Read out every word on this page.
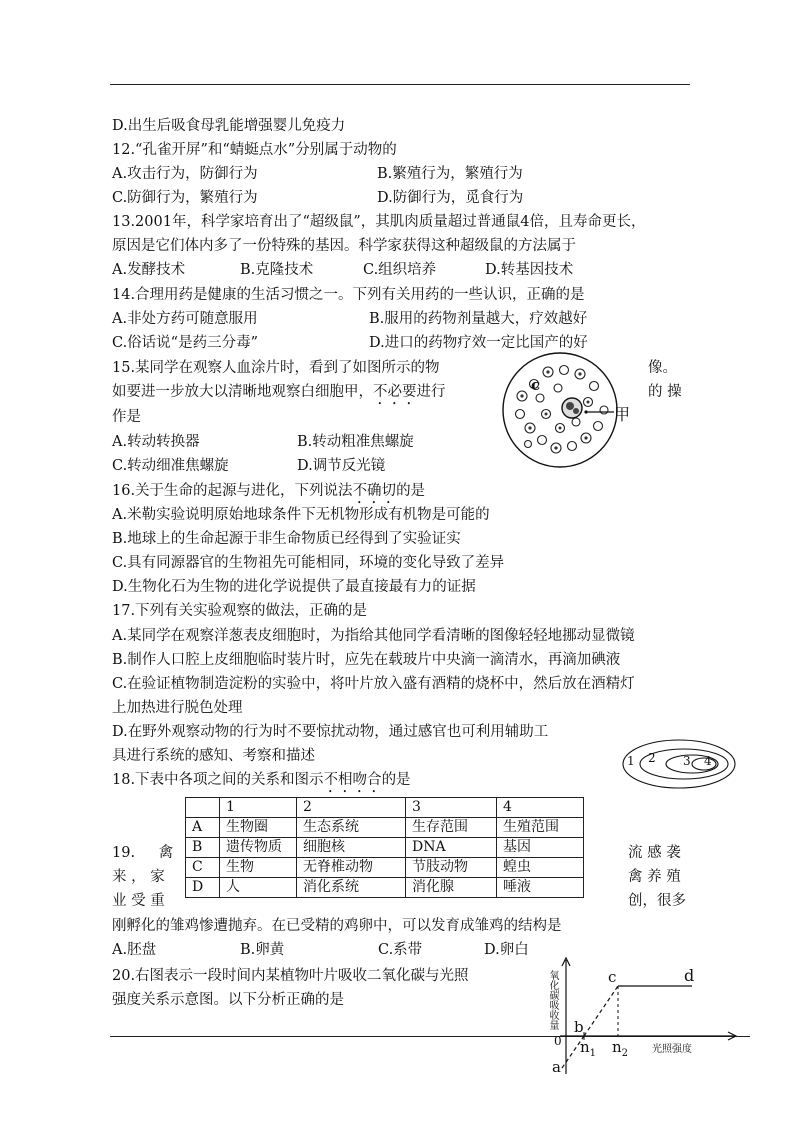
D.出生后吸食母乳能增强婴儿免疫力
12.“孔雀开屏”和“蜻蜓点水”分别属于动物的
A.攻击行为，防御行为	B.繁殖行为，繁殖行为
C.防御行为，繁殖行为	D.防御行为，觅食行为
13.2001年，科学家培育出了“超级鼠”，其肌肉质量超过普通鼠4倍，且寿命更长，
原因是它们体内多了一份特殊的基因。科学家获得这种超级鼠的方法属于
A.发酵技术	B.克隆技术	C.组织培养	D.转基因技术
14.合理用药是健康的生活习惯之一。下列有关用药的一些认识，正确的是
A.非处方药可随意服用	B.服用的药物剂量越大，疗效越好
C.俗话说“是药三分毒”	D.进口的药物疗效一定比国产的好
15.某同学在观察人血涂片时，看到了如图所示的物	像。
如要进一步放大以清晰地观察白细胞甲，不必要进行	的 操
作是
A.转动转换器	B.转动粗准焦螺旋
C.转动细准焦螺旋	D.调节反光镜
c
甲
16.关于生命的起源与进化，下列说法不确切的是
A.米勒实验说明原始地球条件下无机物形成有机物是可能的
B.地球上的生命起源于非生命物质已经得到了实验证实
C.具有同源器官的生物祖先可能相同，环境的变化导致了差异
D.生物化石为生物的进化学说提供了最直接最有力的证据
17.下列有关实验观察的做法，正确的是
A.某同学在观察洋葱表皮细胞时，为指给其他同学看清晰的图像轻轻地挪动显微镜
B.制作人口腔上皮细胞临时装片时，应先在载玻片中央滴一滴清水，再滴加碘液
C.在验证植物制造淀粉的实验中，将叶片放入盛有酒精的烧杯中，然后放在酒精灯
上加热进行脱色处理
D.在野外观察动物的行为时不要惊扰动物，通过感官也可利用辅助工
具进行系统的感知、考察和描述	1 2 3 4
18.下表中各项之间的关系和图示不相吻合的是
	1	2	3	4
A	生物圈	生态系统	生存范围	生殖范围
B	遗传物质	细胞核	DNA	基因
C	生物	无脊椎动物	节肢动物	蝗虫
D	人	消化系统	消化腺	唾液
19.　  禽
来 ， 家
业 受 重
流 感 袭
禽 养 殖
创，很多
刚孵化的雏鸡惨遭抛弃。在已受精的鸡卵中，可以发育成雏鸡的结构是
A.胚盘	B.卵黄	C.系带	D.卵白
20.右图表示一段时间内某植物叶片吸收二氧化碳与光照
强度关系示意图。以下分析正确的是	氧化碳吸收量
光照强度
0
a
b
c	d
$n_1$ $n_2$
